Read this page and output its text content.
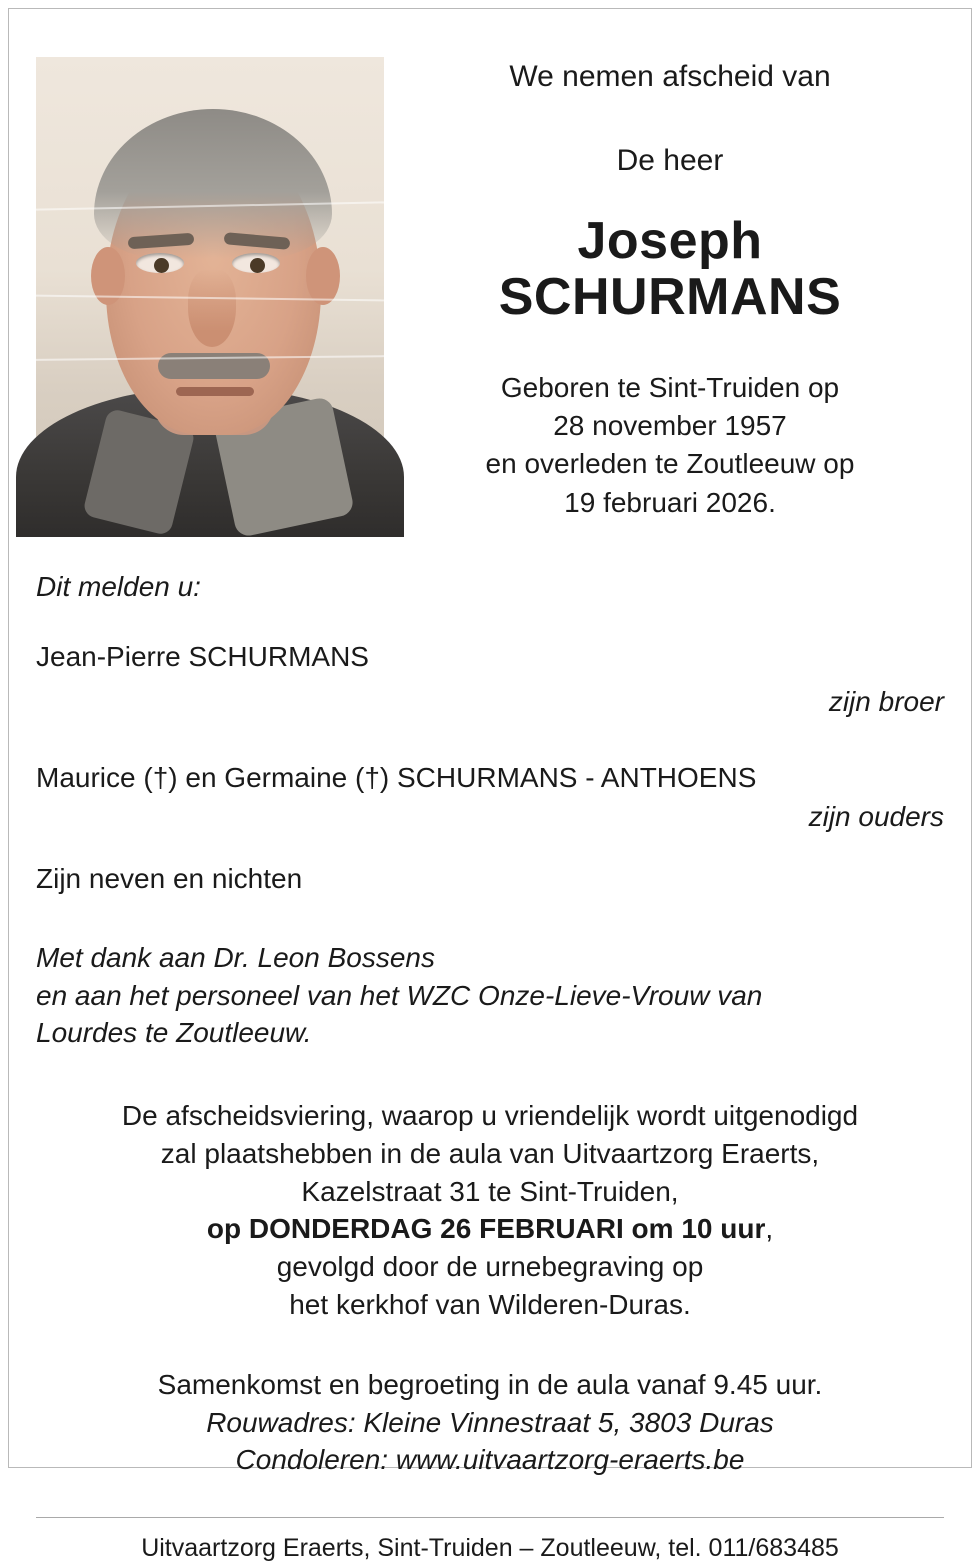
We nemen afscheid van
De heer
Joseph
SCHURMANS
Geboren te Sint-Truiden op
28 november 1957
en overleden te Zoutleeuw op
19 februari 2026.
Dit melden u:
Jean-Pierre SCHURMANS
zijn broer
Maurice (†) en Germaine (†) SCHURMANS - ANTHOENS
zijn ouders
Zijn neven en nichten
Met dank aan Dr. Leon Bossens
en aan het personeel van het WZC Onze-Lieve-Vrouw van
Lourdes te Zoutleeuw.
De afscheidsviering, waarop u vriendelijk wordt uitgenodigd
zal plaatshebben in de aula van Uitvaartzorg Eraerts,
Kazelstraat 31 te Sint-Truiden,
op DONDERDAG 26 FEBRUARI om 10 uur,
gevolgd door de urnebegraving op
het kerkhof van Wilderen-Duras.
Samenkomst en begroeting in de aula vanaf 9.45 uur.
Rouwadres: Kleine Vinnestraat 5, 3803 Duras
Condoleren: www.uitvaartzorg-eraerts.be
Uitvaartzorg Eraerts, Sint-Truiden – Zoutleeuw, tel. 011/683485
